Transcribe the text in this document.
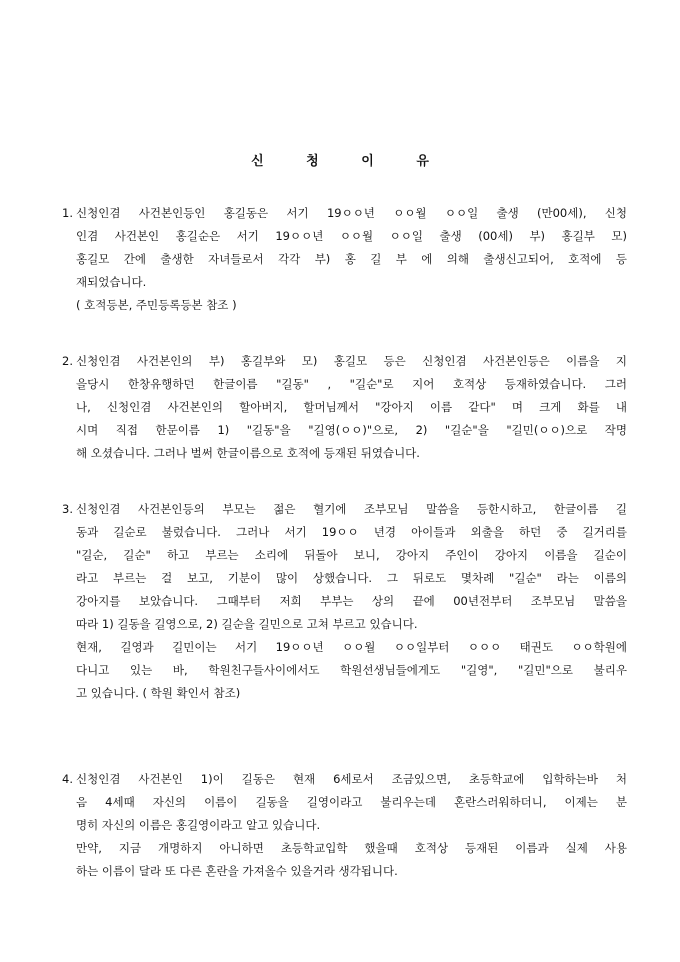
신 청 이 유
1. 신청인겸 사건본인등인 홍길동은 서기 19ㅇㅇ년 ㅇㅇ월 ㅇㅇ일 출생 (만00세), 신청
인겸 사건본인 홍길순은 서기 19ㅇㅇ년 ㅇㅇ월 ㅇㅇ일 출생 (00세) 부) 홍길부 모)
홍길모 간에 출생한 자녀들로서 각각 부) 홍 길 부 에 의해 출생신고되어, 호적에 등
재되었습니다.
( 호적등본, 주민등록등본 참조 )
2. 신청인겸 사건본인의 부) 홍길부와 모) 홍길모 등은 신청인겸 사건본인등은 이름을 지
을당시 한창유행하던 한글이름 "길동" , "길순"로 지어 호적상 등재하였습니다. 그러
나, 신청인겸 사건본인의 할아버지, 할머님께서 "강아지 이름 같다" 며 크게 화를 내
시며 직접 한문이름 1) "길동"을 "길영(ㅇㅇ)"으로, 2) "길순"을 "길민(ㅇㅇ)으로 작명
해 오셨습니다. 그러나 벌써 한글이름으로 호적에 등재된 뒤였습니다.
3. 신청인겸 사건본인등의 부모는 젊은 혈기에 조부모님 말씀을 등한시하고, 한글이름 길
동과 길순로 불렀습니다. 그러나 서기 19ㅇㅇ 년경 아이들과 외출을 하던 중 길거리를
"길순, 길순" 하고 부르는 소리에 뒤돌아 보니, 강아지 주인이 강아지 이름을 길순이
라고 부르는 걸 보고, 기분이 많이 상했습니다. 그 뒤로도 몇차례 "길순" 라는 이름의
강아지를 보았습니다. 그때부터 저희 부부는 상의 끝에 00년전부터 조부모님 말씀을
따라 1) 길동을 길영으로, 2) 길순을 길민으로 고쳐 부르고 있습니다.
현재, 길영과 길민이는 서기 19ㅇㅇ년 ㅇㅇ월 ㅇㅇ일부터 ㅇㅇㅇ 태권도 ㅇㅇ학원에
다니고 있는 바, 학원친구들사이에서도 학원선생님들에게도 "길영", "길민"으로 불리우
고 있습니다. ( 학원 확인서 참조)
4. 신청인겸 사건본인 1)이 길동은 현재 6세로서 조금있으면, 초등학교에 입학하는바 처
음 4세때 자신의 이름이 길동을 길영이라고 불리우는데 혼란스러워하더니, 이제는 분
명히 자신의 이름은 홍길영이라고 알고 있습니다.
만약, 지금 개명하지 아니하면 초등학교입학 했을때 호적상 등재된 이름과 실제 사용
하는 이름이 달라 또 다른 혼란을 가져올수 있을거라 생각됩니다.
